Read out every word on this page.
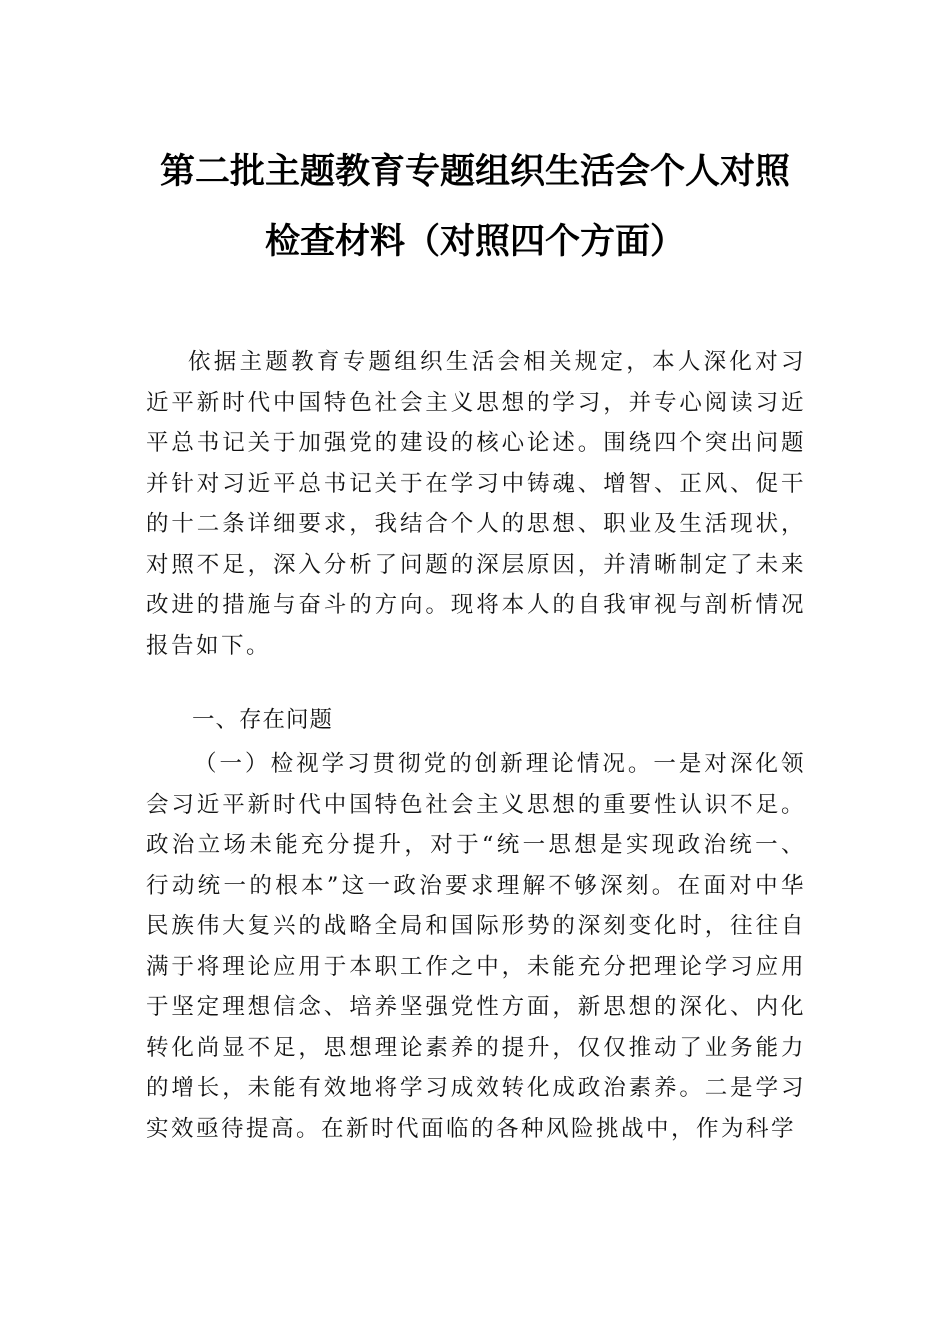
第二批主题教育专题组织生活会个人对照
检查材料（对照四个方面）
依据主题教育专题组织生活会相关规定，本人深化对习近平新时代中国特色社会主义思想的学习，并专心阅读习近平总书记关于加强党的建设的核心论述。围绕四个突出问题并针对习近平总书记关于在学习中铸魂、增智、正风、促干的十二条详细要求，我结合个人的思想、职业及生活现状，对照不足，深入分析了问题的深层原因，并清晰制定了未来改进的措施与奋斗的方向。现将本人的自我审视与剖析情况报告如下。
一、存在问题
（一）检视学习贯彻党的创新理论情况。一是对深化领会习近平新时代中国特色社会主义思想的重要性认识不足。政治立场未能充分提升，对于“统一思想是实现政治统一、行动统一的根本”这一政治要求理解不够深刻。在面对中华民族伟大复兴的战略全局和国际形势的深刻变化时，往往自满于将理论应用于本职工作之中，未能充分把理论学习应用于坚定理想信念、培养坚强党性方面，新思想的深化、内化转化尚显不足，思想理论素养的提升，仅仅推动了业务能力的增长，未能有效地将学习成效转化成政治素养。二是学习实效亟待提高。在新时代面临的各种风险挑战中，作为科学
